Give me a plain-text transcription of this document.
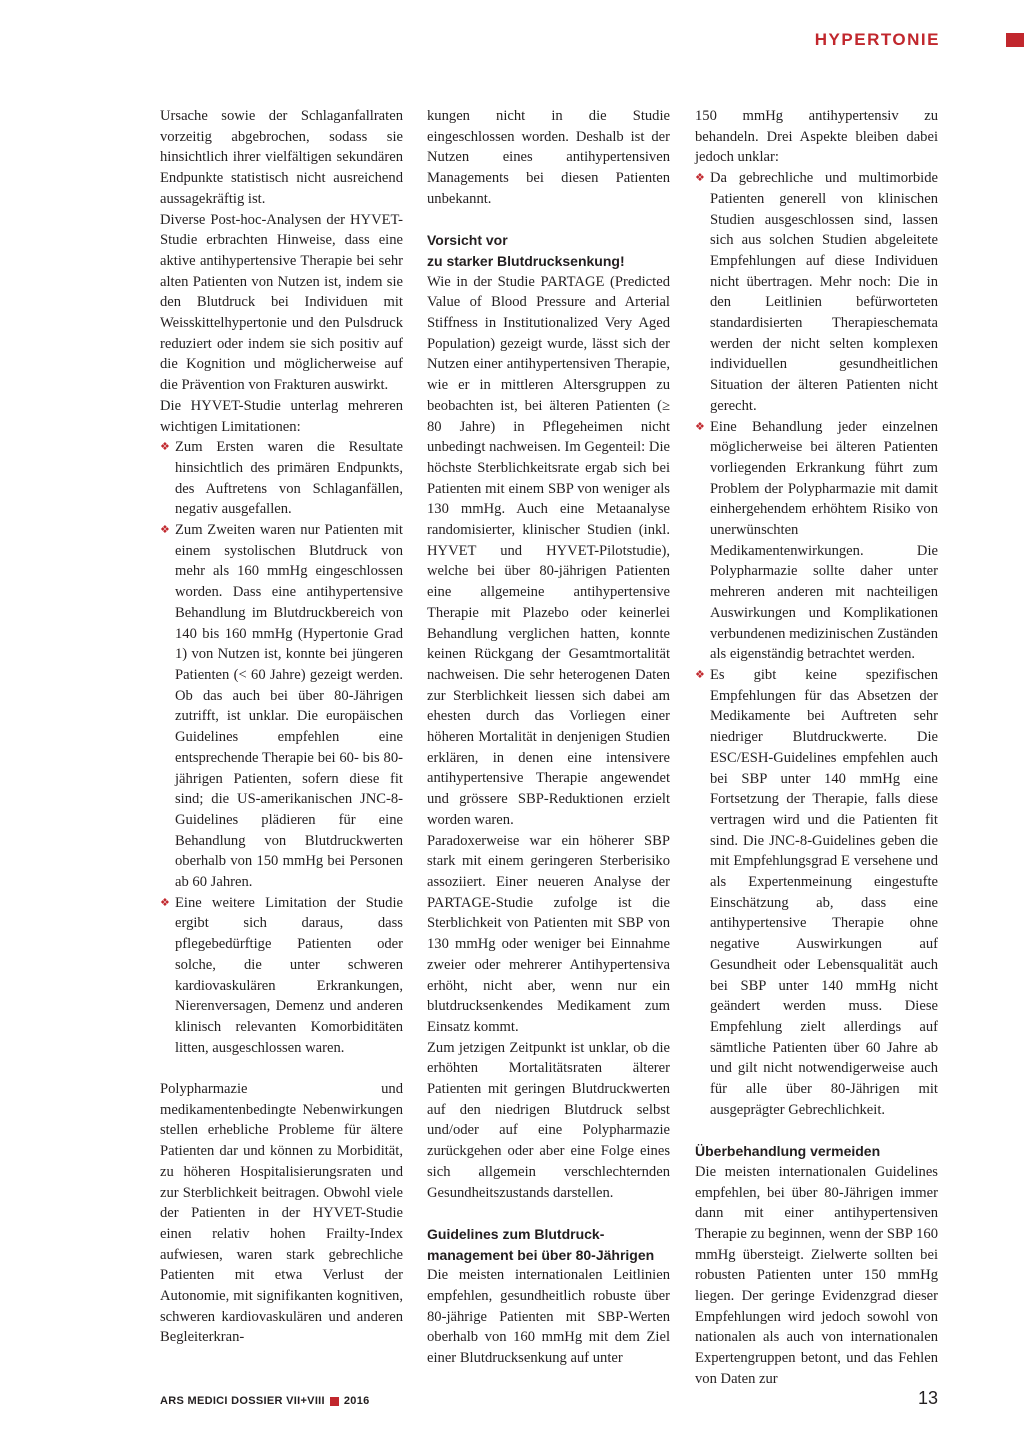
HYPERTONIE

Ursache sowie der Schlaganfallraten vorzeitig abgebrochen, sodass sie hinsichtlich ihrer vielfältigen sekundären Endpunkte statistisch nicht ausreichend aussagekräftig ist.

Diverse Post-hoc-Analysen der HYVET-Studie erbrachten Hinweise, dass eine aktive antihypertensive Therapie bei sehr alten Patienten von Nutzen ist, indem sie den Blutdruck bei Individuen mit Weisskittelhypertonie und den Pulsdruck reduziert oder indem sie sich positiv auf die Kognition und möglicherweise auf die Prävention von Frakturen auswirkt.

Die HYVET-Studie unterlag mehreren wichtigen Limitationen:

❖ Zum Ersten waren die Resultate hinsichtlich des primären Endpunkts, des Auftretens von Schlaganfällen, negativ ausgefallen.
❖ Zum Zweiten waren nur Patienten mit einem systolischen Blutdruck von mehr als 160 mmHg eingeschlossen worden. Dass eine antihypertensive Behandlung im Blutdruckbereich von 140 bis 160 mmHg (Hypertonie Grad 1) von Nutzen ist, konnte bei jüngeren Patienten (< 60 Jahre) gezeigt werden. Ob das auch bei über 80-Jährigen zutrifft, ist unklar. Die europäischen Guidelines empfehlen eine entsprechende Therapie bei 60- bis 80-jährigen Patienten, sofern diese fit sind; die US-amerikanischen JNC-8-Guidelines plädieren für eine Behandlung von Blutdruckwerten oberhalb von 150 mmHg bei Personen ab 60 Jahren.
❖ Eine weitere Limitation der Studie ergibt sich daraus, dass pflegebedürftige Patienten oder solche, die unter schweren kardiovaskulären Erkrankungen, Nierenversagen, Demenz und anderen klinisch relevanten Komorbiditäten litten, ausgeschlossen waren.

Polypharmazie und medikamentenbedingte Nebenwirkungen stellen erhebliche Probleme für ältere Patienten dar und können zu Morbidität, zu höheren Hospitalisierungsraten und zur Sterblichkeit beitragen. Obwohl viele der Patienten in der HYVET-Studie einen relativ hohen Frailty-Index aufwiesen, waren stark gebrechliche Patienten mit etwa Verlust der Autonomie, mit signifikanten kognitiven, schweren kardiovaskulären und anderen Begleiterkran-

kungen nicht in die Studie eingeschlossen worden. Deshalb ist der Nutzen eines antihypertensiven Managements bei diesen Patienten unbekannt.

Vorsicht vor
zu starker Blutdrucksenkung!

Wie in der Studie PARTAGE (Predicted Value of Blood Pressure and Arterial Stiffness in Institutionalized Very Aged Population) gezeigt wurde, lässt sich der Nutzen einer antihypertensiven Therapie, wie er in mittleren Altersgruppen zu beobachten ist, bei älteren Patienten (≥ 80 Jahre) in Pflegeheimen nicht unbedingt nachweisen. Im Gegenteil: Die höchste Sterblichkeitsrate ergab sich bei Patienten mit einem SBP von weniger als 130 mmHg. Auch eine Metaanalyse randomisierter, klinischer Studien (inkl. HYVET und HYVET-Pilotstudie), welche bei über 80-jährigen Patienten eine allgemeine antihypertensive Therapie mit Plazebo oder keinerlei Behandlung verglichen hatten, konnte keinen Rückgang der Gesamtmortalität nachweisen. Die sehr heterogenen Daten zur Sterblichkeit liessen sich dabei am ehesten durch das Vorliegen einer höheren Mortalität in denjenigen Studien erklären, in denen eine intensivere antihypertensive Therapie angewendet und grössere SBP-Reduktionen erzielt worden waren.

Paradoxerweise war ein höherer SBP stark mit einem geringeren Sterberisiko assoziiert. Einer neueren Analyse der PARTAGE-Studie zufolge ist die Sterblichkeit von Patienten mit SBP von 130 mmHg oder weniger bei Einnahme zweier oder mehrerer Antihypertensiva erhöht, nicht aber, wenn nur ein blutdrucksenkendes Medikament zum Einsatz kommt.

Zum jetzigen Zeitpunkt ist unklar, ob die erhöhten Mortalitätsraten älterer Patienten mit geringen Blutdruckwerten auf den niedrigen Blutdruck selbst und/oder auf eine Polypharmazie zurückgehen oder aber eine Folge eines sich allgemein verschlechternden Gesundheitszustands darstellen.

Guidelines zum Blutdruck-
management bei über 80-Jährigen

Die meisten internationalen Leitlinien empfehlen, gesundheitlich robuste über 80-jährige Patienten mit SBP-Werten oberhalb von 160 mmHg mit dem Ziel einer Blutdrucksenkung auf unter

150 mmHg antihypertensiv zu behandeln. Drei Aspekte bleiben dabei jedoch unklar:

❖ Da gebrechliche und multimorbide Patienten generell von klinischen Studien ausgeschlossen sind, lassen sich aus solchen Studien abgeleitete Empfehlungen auf diese Individuen nicht übertragen. Mehr noch: Die in den Leitlinien befürworteten standardisierten Therapieschemata werden der nicht selten komplexen individuellen gesundheitlichen Situation der älteren Patienten nicht gerecht.
❖ Eine Behandlung jeder einzelnen möglicherweise bei älteren Patienten vorliegenden Erkrankung führt zum Problem der Polypharmazie mit damit einhergehendem erhöhtem Risiko von unerwünschten Medikamentenwirkungen. Die Polypharmazie sollte daher unter mehreren anderen mit nachteiligen Auswirkungen und Komplikationen verbundenen medizinischen Zuständen als eigenständig betrachtet werden.
❖ Es gibt keine spezifischen Empfehlungen für das Absetzen der Medikamente bei Auftreten sehr niedriger Blutdruckwerte. Die ESC/ESH-Guidelines empfehlen auch bei SBP unter 140 mmHg eine Fortsetzung der Therapie, falls diese vertragen wird und die Patienten fit sind. Die JNC-8-Guidelines geben die mit Empfehlungsgrad E versehene und als Expertenmeinung eingestufte Einschätzung ab, dass eine antihypertensive Therapie ohne negative Auswirkungen auf Gesundheit oder Lebensqualität auch bei SBP unter 140 mmHg nicht geändert werden muss. Diese Empfehlung zielt allerdings auf sämtliche Patienten über 60 Jahre ab und gilt nicht notwendigerweise auch für alle über 80-Jährigen mit ausgeprägter Gebrechlichkeit.
Überbehandlung vermeiden

Die meisten internationalen Guidelines empfehlen, bei über 80-Jährigen immer dann mit einer antihypertensiven Therapie zu beginnen, wenn der SBP 160 mmHg übersteigt. Zielwerte sollten bei robusten Patienten unter 150 mmHg liegen. Der geringe Evidenzgrad dieser Empfehlungen wird jedoch sowohl von nationalen als auch von internationalen Expertengruppen betont, und das Fehlen von Daten zur

ARS MEDICI DOSSIER VII+VIII 2016	13
